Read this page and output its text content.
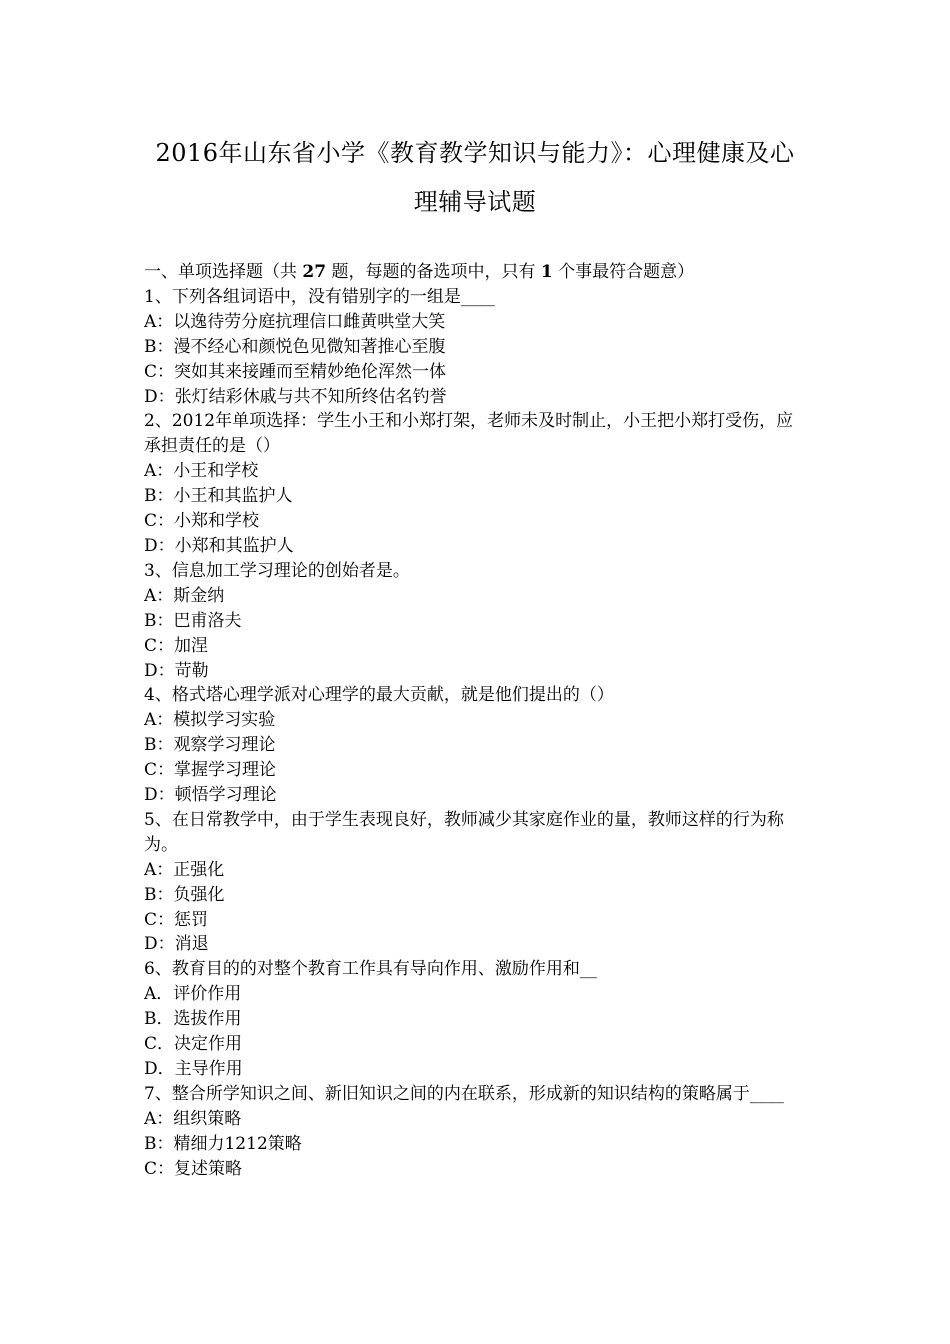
2016年山东省小学《教育教学知识与能力》：心理健康及心
理辅导试题
一、单项选择题（共 27 题，每题的备选项中，只有 1 个事最符合题意）
1、下列各组词语中，没有错别字的一组是____
A：以逸待劳分庭抗理信口雌黄哄堂大笑
B：漫不经心和颜悦色见微知著推心至腹
C：突如其来接踵而至精妙绝伦浑然一体
D：张灯结彩休戚与共不知所终估名钓誉
2、2012年单项选择：学生小王和小郑打架，老师未及时制止，小王把小郑打受伤，应承担责任的是（）
A：小王和学校
B：小王和其监护人
C：小郑和学校
D：小郑和其监护人
3、信息加工学习理论的创始者是。
A：斯金纳
B：巴甫洛夫
C：加涅
D：苛勒
4、格式塔心理学派对心理学的最大贡献，就是他们提出的（）
A：模拟学习实验
B：观察学习理论
C：掌握学习理论
D：顿悟学习理论
5、在日常教学中，由于学生表现良好，教师减少其家庭作业的量，教师这样的行为称为。
A：正强化
B：负强化
C：惩罚
D：消退
6、教育目的的对整个教育工作具有导向作用、激励作用和__
A．评价作用
B．选拔作用
C．决定作用
D．主导作用
7、整合所学知识之间、新旧知识之间的内在联系，形成新的知识结构的策略属于____
A：组织策略
B：精细力1212策略
C：复述策略
